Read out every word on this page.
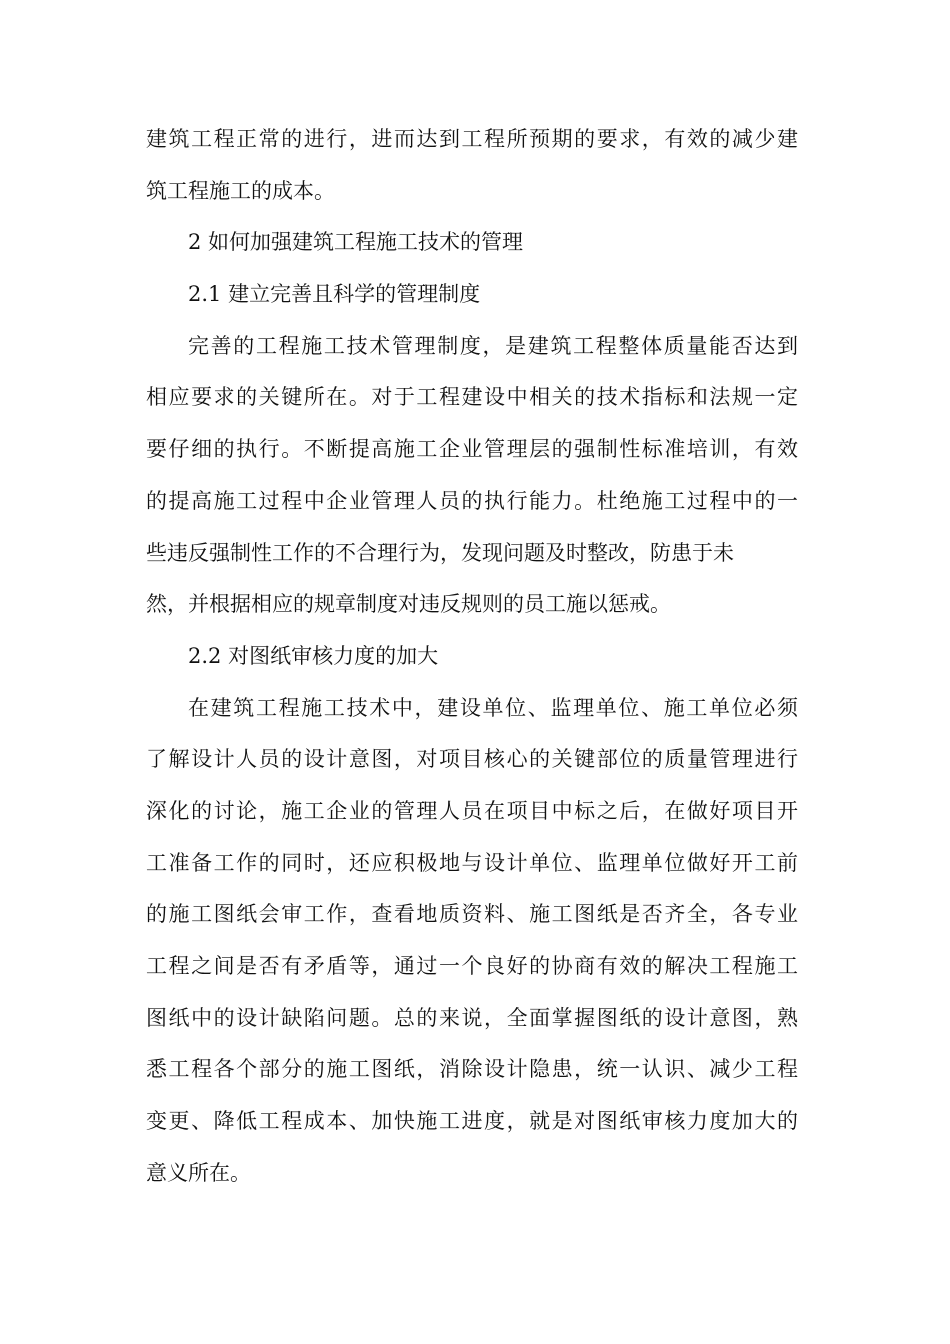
建筑工程正常的进行，进而达到工程所预期的要求，有效的减少建
筑工程施工的成本。
2 如何加强建筑工程施工技术的管理
2.1 建立完善且科学的管理制度
完善的工程施工技术管理制度，是建筑工程整体质量能否达到
相应要求的关键所在。对于工程建设中相关的技术指标和法规一定
要仔细的执行。不断提高施工企业管理层的强制性标准培训，有效
的提高施工过程中企业管理人员的执行能力。杜绝施工过程中的一
些违反强制性工作的不合理行为，发现问题及时整改，防患于未
然，并根据相应的规章制度对违反规则的员工施以惩戒。
2.2 对图纸审核力度的加大
在建筑工程施工技术中，建设单位、监理单位、施工单位必须
了解设计人员的设计意图，对项目核心的关键部位的质量管理进行
深化的讨论，施工企业的管理人员在项目中标之后，在做好项目开
工准备工作的同时，还应积极地与设计单位、监理单位做好开工前
的施工图纸会审工作，查看地质资料、施工图纸是否齐全，各专业
工程之间是否有矛盾等，通过一个良好的协商有效的解决工程施工
图纸中的设计缺陷问题。总的来说，全面掌握图纸的设计意图，熟
悉工程各个部分的施工图纸，消除设计隐患，统一认识、减少工程
变更、降低工程成本、加快施工进度，就是对图纸审核力度加大的
意义所在。
